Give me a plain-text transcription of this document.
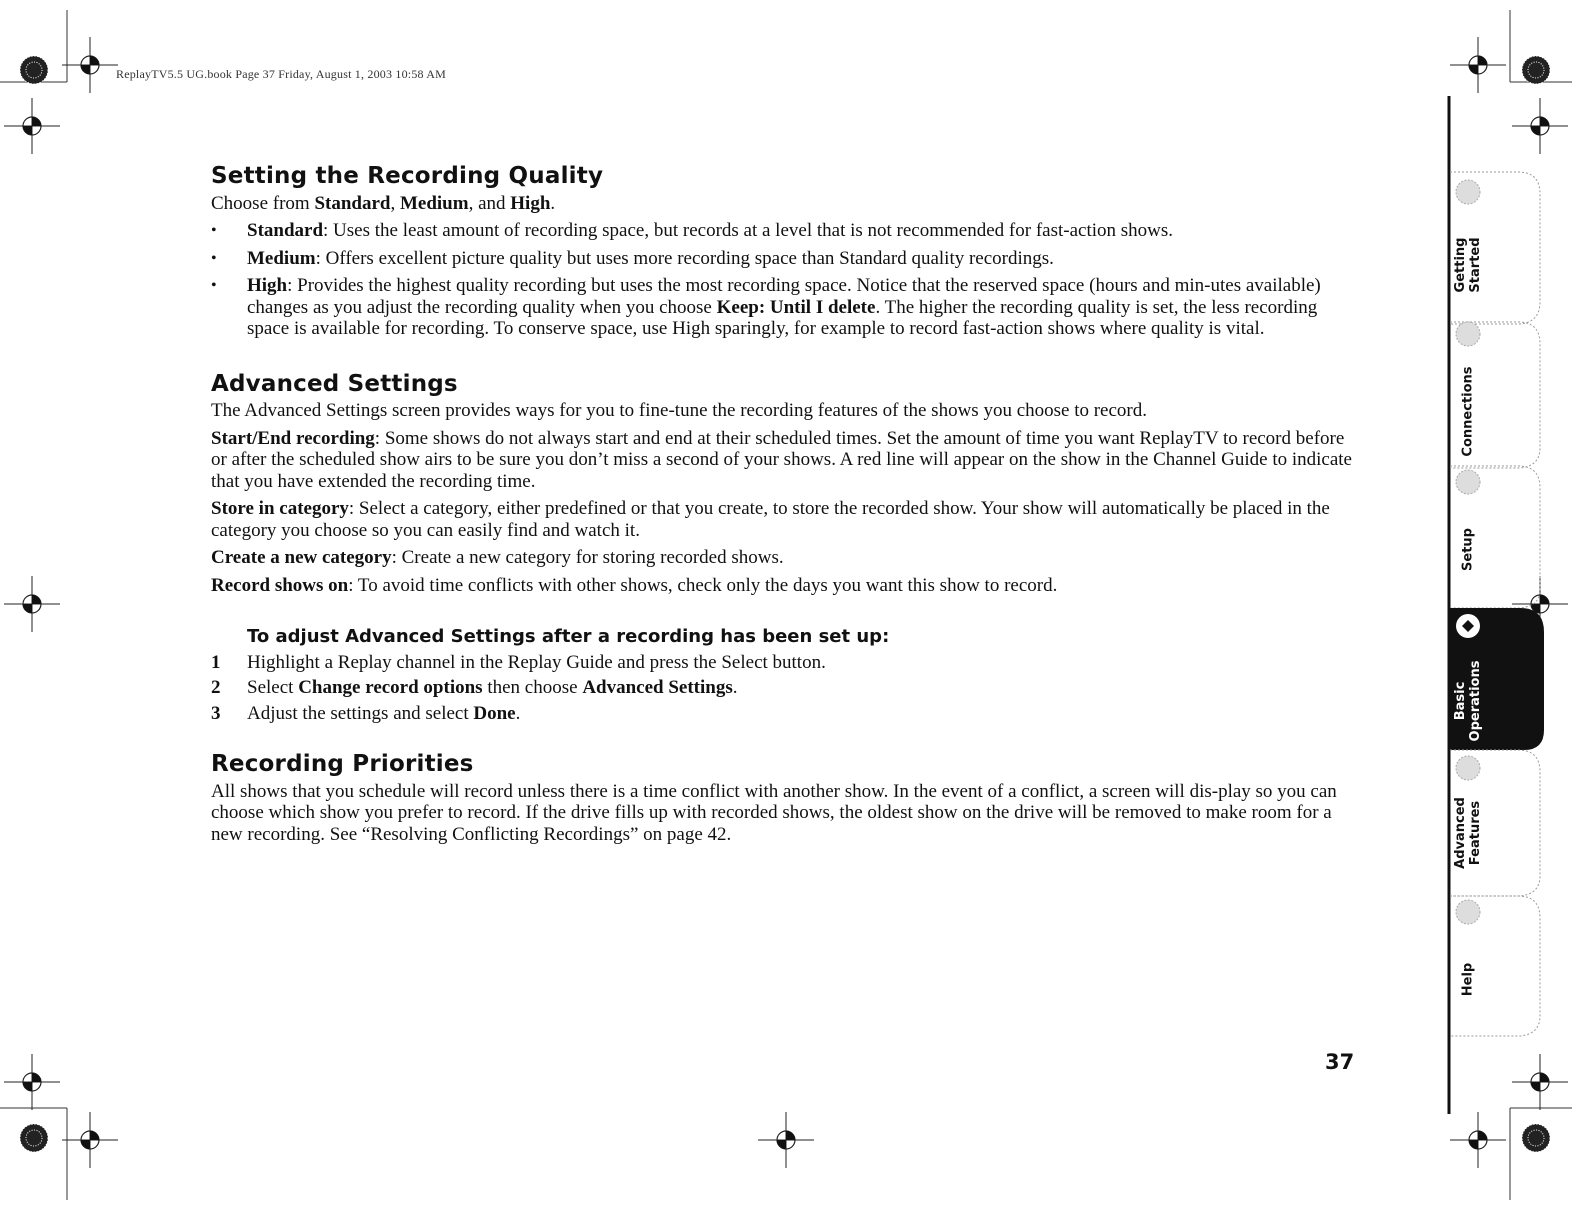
ReplayTV5.5 UG.book Page 37 Friday, August 1, 2003 10:58 AM
Setting the Recording Quality

Choose from Standard, Medium, and High.

• Standard: Uses the least amount of recording space, but records at a level that is not recommended for fast-action shows.
• Medium: Offers excellent picture quality but uses more recording space than Standard quality recordings.
• High: Provides the highest quality recording but uses the most recording space. Notice that the reserved space (hours and min-utes available) changes as you adjust the recording quality when you choose Keep: Until I delete. The higher the recording quality is set, the less recording space is available for recording. To conserve space, use High sparingly, for example to record fast-action shows where quality is vital.
Advanced Settings

The Advanced Settings screen provides ways for you to fine-tune the recording features of the shows you choose to record.

Start/End recording: Some shows do not always start and end at their scheduled times. Set the amount of time you want ReplayTV to record before or after the scheduled show airs to be sure you don’t miss a second of your shows. A red line will appear on the show in the Channel Guide to indicate that you have extended the recording time.

Store in category: Select a category, either predefined or that you create, to store the recorded show. Your show will automatically be placed in the category you choose so you can easily find and watch it.

Create a new category: Create a new category for storing recorded shows.

Record shows on: To avoid time conflicts with other shows, check only the days you want this show to record.

To adjust Advanced Settings after a recording has been set up:
1 Highlight a Replay channel in the Replay Guide and press the Select button.
2 Select Change record options then choose Advanced Settings.
3 Adjust the settings and select Done.
Recording Priorities

All shows that you schedule will record unless there is a time conflict with another show. In the event of a conflict, a screen will dis-play so you can choose which show you prefer to record. If the drive fills up with recorded shows, the oldest show on the drive will be removed to make room for a new recording. See “Resolving Conflicting Recordings” on page 42.

37
Getting
Started
Connections
Setup
Basic
Operations
Advanced
Features
Help
